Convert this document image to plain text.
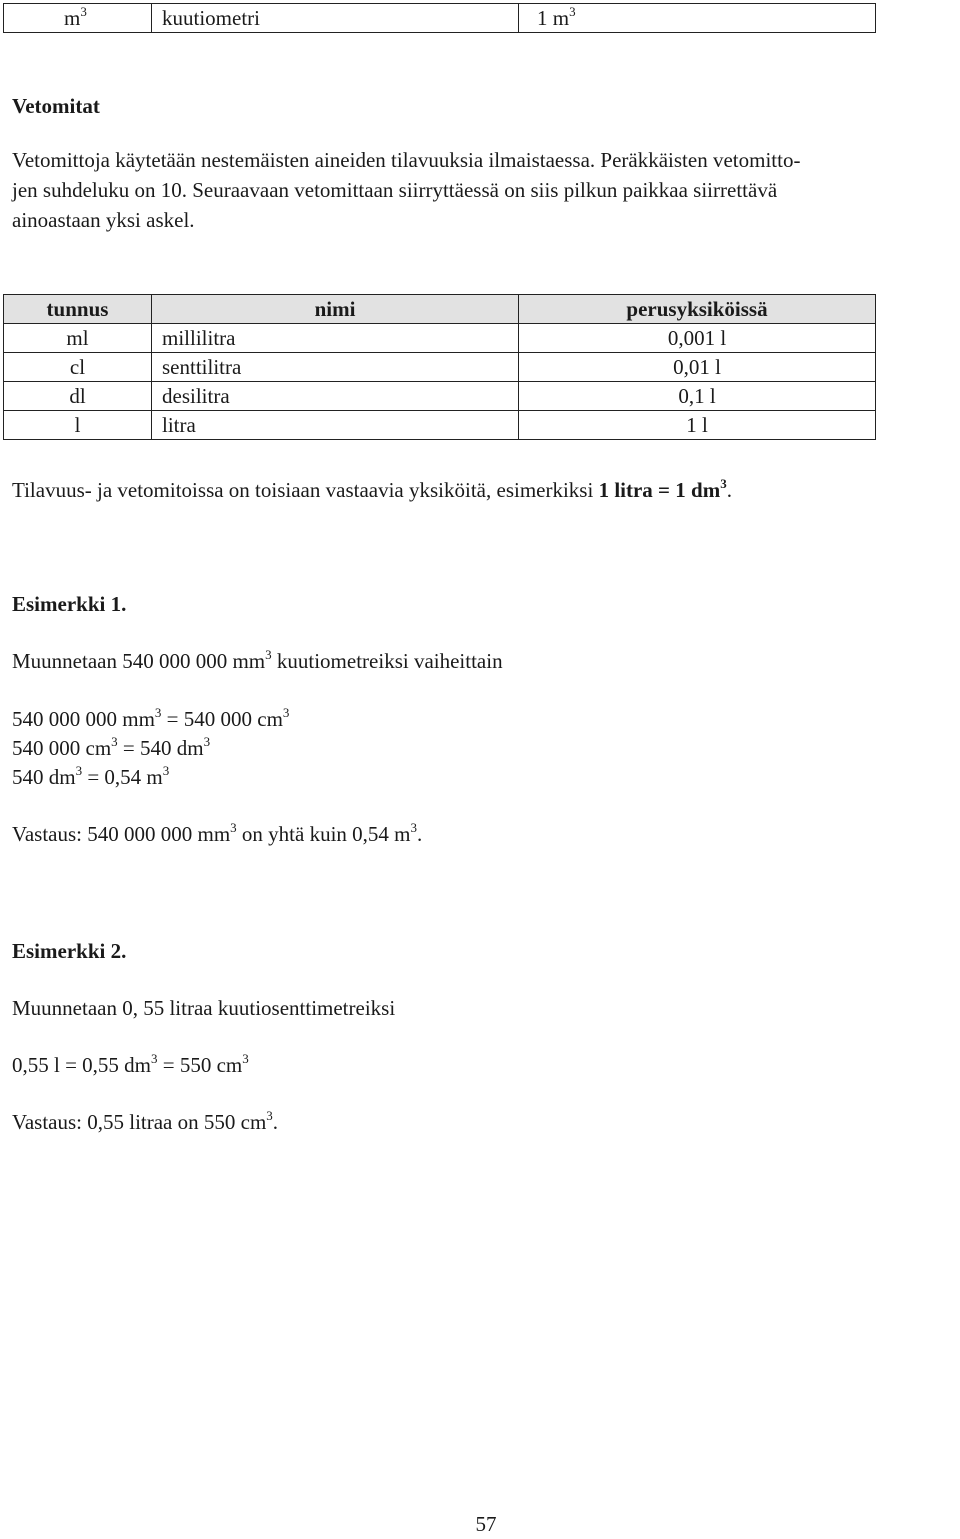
$m^3$	kuutiometri	1 $m^3$
Vetomitat
Vetomittoja käytetään nestemäisten aineiden tilavuuksia ilmaistaessa. Peräkkäisten vetomitto-
jen suhdeluku on 10. Seuraavaan vetomittaan siirryttäessä on siis pilkun paikkaa siirrettävä
ainoastaan yksi askel.
tunnus	nimi	perusyksiköissä
ml	millilitra	0,001 l
cl	senttilitra	0,01 l
dl	desilitra	0,1 l
l	litra	1 l
Tilavuus- ja vetomitoissa on toisiaan vastaavia yksiköitä, esimerkiksi 1 litra = 1 $dm^3$.
Esimerkki 1.
Muunnetaan 540 000 000 $mm^3$ kuutiometreiksi vaiheittain
540 000 000 $mm^3 = 540$ 000 $cm^3$
540 000 $cm^3 = 540$ $dm^3$
540 $dm^3 = 0,54$ $m^3$
Vastaus: 540 000 000 $mm^3$ on yhtä kuin 0,54 $m^3$.
Esimerkki 2.
Muunnetaan 0, 55 litraa kuutiosenttimetreiksi
0,55 l = 0,55 $dm^3 = 550$ $cm^3$
Vastaus: 0,55 litraa on 550 $cm^3$.
57
